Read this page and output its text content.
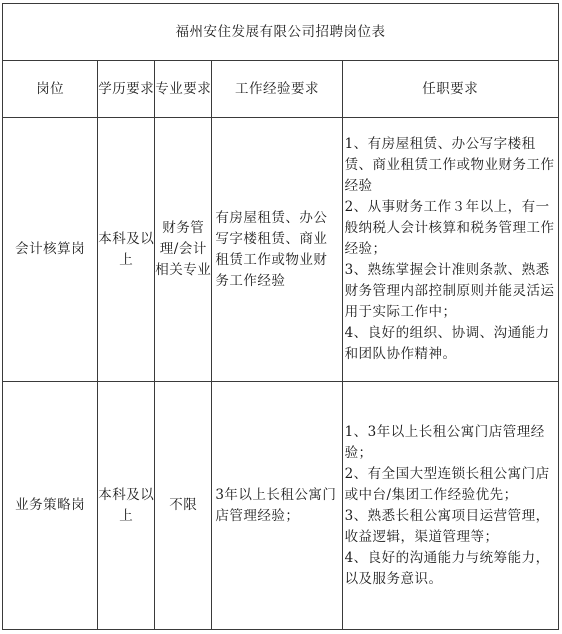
福州安住发展有限公司招聘岗位表				
岗位	学历要求	专业要求	工作经验要求	任职要求
会计核算岗	本科及以上	财务管理/会计相关专业	有房屋租赁、办公写字楼租赁、商业租赁工作或物业财务工作经验	1、有房屋租赁、办公写字楼租赁、商业租赁工作或物业财务工作经验
2、从事财务工作３年以上，有一般纳税人会计核算和税务管理工作经验；
3、熟练掌握会计准则条款、熟悉财务管理内部控制原则并能灵活运用于实际工作中；
4、良好的组织、协调、沟通能力和团队协作精神。

业务策略岗	本科及以上	不限	3年以上长租公寓门店管理经验；	1、3年以上长租公寓门店管理经验；
2、有全国大型连锁长租公寓门店或中台/集团工作经验优先；
3、熟悉长租公寓项目运营管理，收益逻辑，渠道管理等；
4、良好的沟通能力与统筹能力，以及服务意识。
